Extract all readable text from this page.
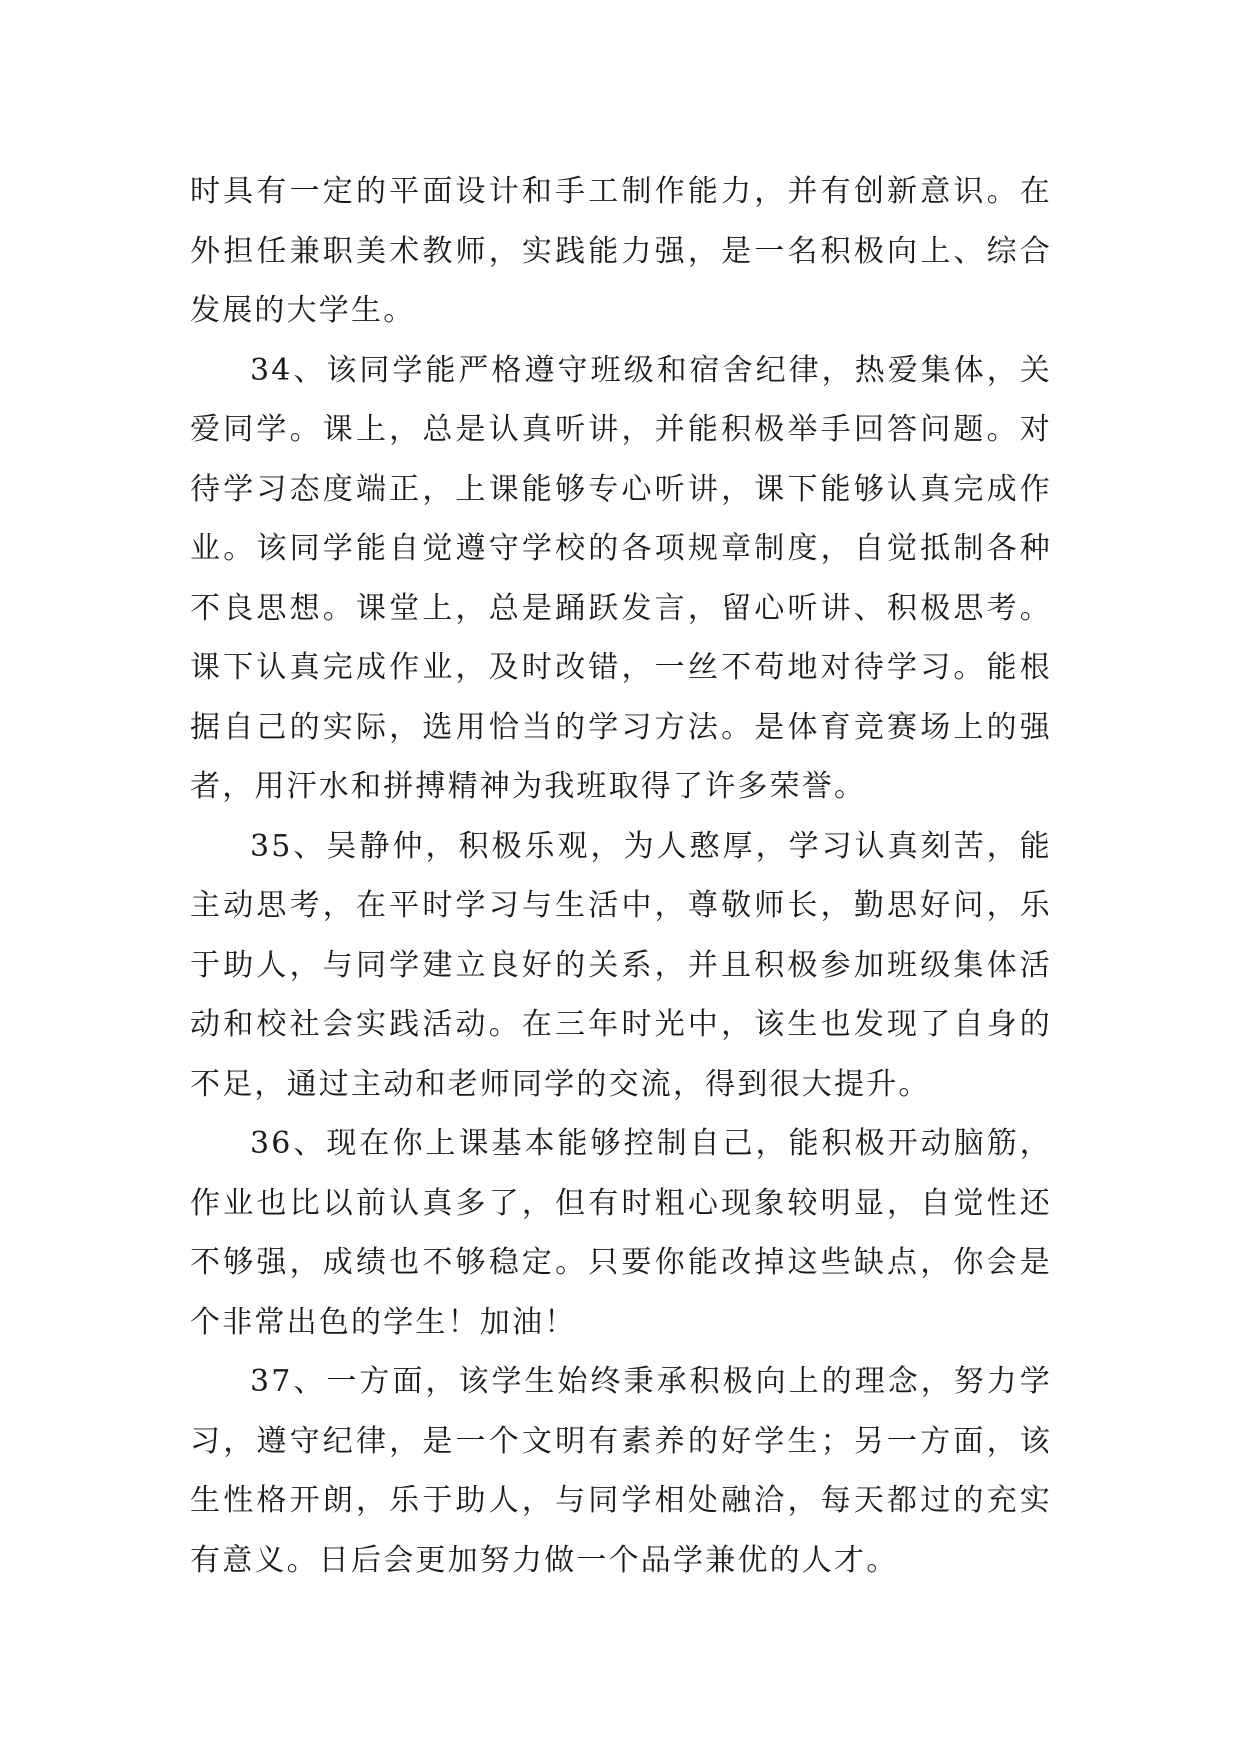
时具有一定的平面设计和手工制作能力，并有创新意识。在外担任兼职美术教师，实践能力强，是一名积极向上、综合发展的大学生。

34、该同学能严格遵守班级和宿舍纪律，热爱集体，关爱同学。课上，总是认真听讲，并能积极举手回答问题。对待学习态度端正，上课能够专心听讲，课下能够认真完成作业。该同学能自觉遵守学校的各项规章制度，自觉抵制各种不良思想。课堂上，总是踊跃发言，留心听讲、积极思考。课下认真完成作业，及时改错，一丝不苟地对待学习。能根据自己的实际，选用恰当的学习方法。是体育竞赛场上的强者，用汗水和拼搏精神为我班取得了许多荣誉。

35、吴静仲，积极乐观，为人憨厚，学习认真刻苦，能主动思考，在平时学习与生活中，尊敬师长，勤思好问，乐于助人，与同学建立良好的关系，并且积极参加班级集体活动和校社会实践活动。在三年时光中，该生也发现了自身的不足，通过主动和老师同学的交流，得到很大提升。

36、现在你上课基本能够控制自己，能积极开动脑筋，作业也比以前认真多了，但有时粗心现象较明显，自觉性还不够强，成绩也不够稳定。只要你能改掉这些缺点，你会是个非常出色的学生！加油！

37、一方面，该学生始终秉承积极向上的理念，努力学习，遵守纪律，是一个文明有素养的好学生；另一方面，该生性格开朗，乐于助人，与同学相处融洽，每天都过的充实有意义。日后会更加努力做一个品学兼优的人才。
